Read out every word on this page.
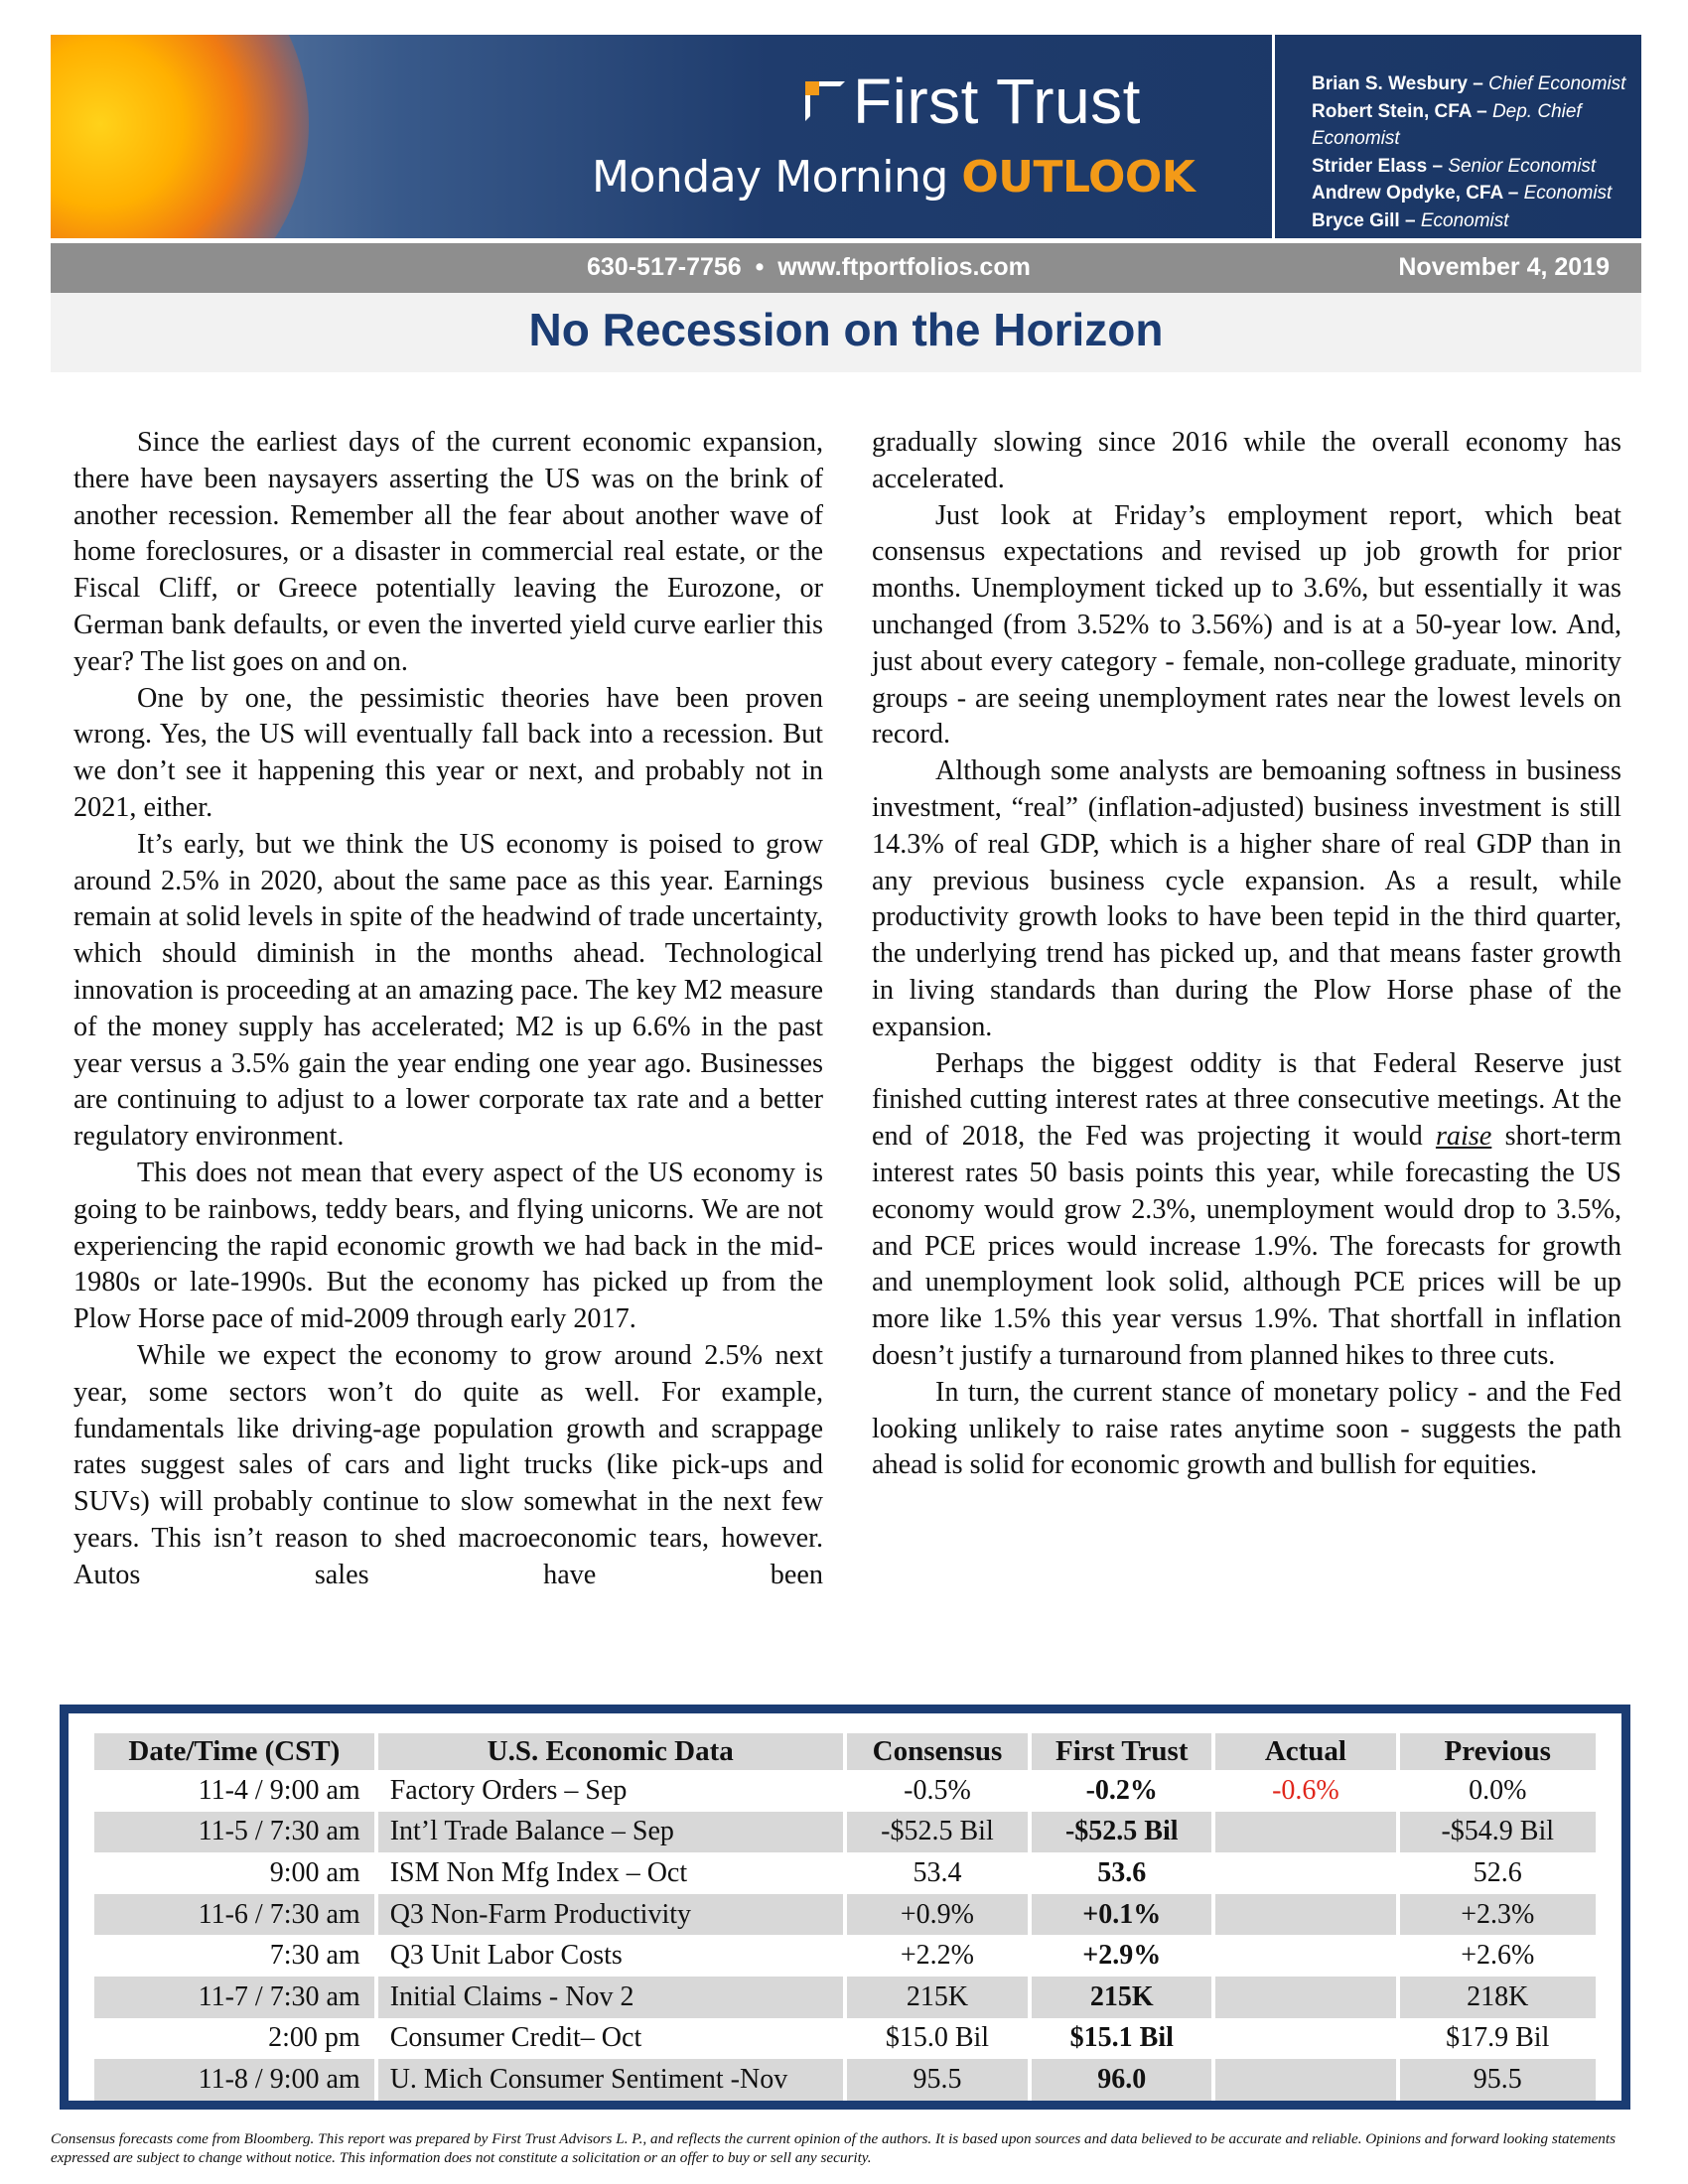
First Trust
Monday Morning OUTLOOK
Brian S. Wesbury – Chief Economist
Robert Stein, CFA – Dep. Chief Economist
Strider Elass – Senior Economist
Andrew Opdyke, CFA – Economist
Bryce Gill – Economist
630-517-7756  •  www.ftportfolios.com	November 4, 2019
No Recession on the Horizon

Since the earliest days of the current economic expansion, there have been naysayers asserting the US was on the brink of another recession. Remember all the fear about another wave of home foreclosures, or a disaster in commercial real estate, or the Fiscal Cliff, or Greece potentially leaving the Eurozone, or German bank defaults, or even the inverted yield curve earlier this year? The list goes on and on.

One by one, the pessimistic theories have been proven wrong. Yes, the US will eventually fall back into a recession. But we don’t see it happening this year or next, and probably not in 2021, either.

It’s early, but we think the US economy is poised to grow around 2.5% in 2020, about the same pace as this year. Earnings remain at solid levels in spite of the headwind of trade uncertainty, which should diminish in the months ahead. Technological innovation is proceeding at an amazing pace. The key M2 measure of the money supply has accelerated; M2 is up 6.6% in the past year versus a 3.5% gain the year ending one year ago. Businesses are continuing to adjust to a lower corporate tax rate and a better regulatory environment.

This does not mean that every aspect of the US economy is going to be rainbows, teddy bears, and flying unicorns. We are not experiencing the rapid economic growth we had back in the mid-1980s or late-1990s. But the economy has picked up from the Plow Horse pace of mid-2009 through early 2017.

While we expect the economy to grow around 2.5% next year, some sectors won’t do quite as well. For example, fundamentals like driving-age population growth and scrappage rates suggest sales of cars and light trucks (like pick-ups and SUVs) will probably continue to slow somewhat in the next few years. This isn’t reason to shed macroeconomic tears, however. Autos sales have been

gradually slowing since 2016 while the overall economy has accelerated.

Just look at Friday’s employment report, which beat consensus expectations and revised up job growth for prior months. Unemployment ticked up to 3.6%, but essentially it was unchanged (from 3.52% to 3.56%) and is at a 50-year low. And, just about every category - female, non-college graduate, minority groups - are seeing unemployment rates near the lowest levels on record.

Although some analysts are bemoaning softness in business investment, “real” (inflation-adjusted) business investment is still 14.3% of real GDP, which is a higher share of real GDP than in any previous business cycle expansion. As a result, while productivity growth looks to have been tepid in the third quarter, the underlying trend has picked up, and that means faster growth in living standards than during the Plow Horse phase of the expansion.

Perhaps the biggest oddity is that Federal Reserve just finished cutting interest rates at three consecutive meetings. At the end of 2018, the Fed was projecting it would raise short-term interest rates 50 basis points this year, while forecasting the US economy would grow 2.3%, unemployment would drop to 3.5%, and PCE prices would increase 1.9%. The forecasts for growth and unemployment look solid, although PCE prices will be up more like 1.5% this year versus 1.9%. That shortfall in inflation doesn’t justify a turnaround from planned hikes to three cuts.

In turn, the current stance of monetary policy - and the Fed looking unlikely to raise rates anytime soon - suggests the path ahead is solid for economic growth and bullish for equities.

Date/Time (CST)	U.S. Economic Data	Consensus	First Trust	Actual	Previous
11-4 / 9:00 am	Factory Orders – Sep	-0.5%	-0.2%	-0.6%	0.0%
11-5 / 7:30 am	Int’l Trade Balance – Sep	-$52.5 Bil	-$52.5 Bil		-$54.9 Bil
9:00 am	ISM Non Mfg Index – Oct	53.4	53.6		52.6
11-6 / 7:30 am	Q3 Non-Farm Productivity	+0.9%	+0.1%		+2.3%
7:30 am	Q3 Unit Labor Costs	+2.2%	+2.9%		+2.6%
11-7 / 7:30 am	Initial Claims - Nov 2	215K	215K		218K
2:00 pm	Consumer Credit– Oct	$15.0 Bil	$15.1 Bil		$17.9 Bil
11-8 / 9:00 am	U. Mich Consumer Sentiment -Nov	95.5	96.0		95.5
Consensus forecasts come from Bloomberg. This report was prepared by First Trust Advisors L. P., and reflects the current opinion of the authors. It is based upon sources and data believed to be accurate and reliable. Opinions and forward looking statements expressed are subject to change without notice. This information does not constitute a solicitation or an offer to buy or sell any security.
